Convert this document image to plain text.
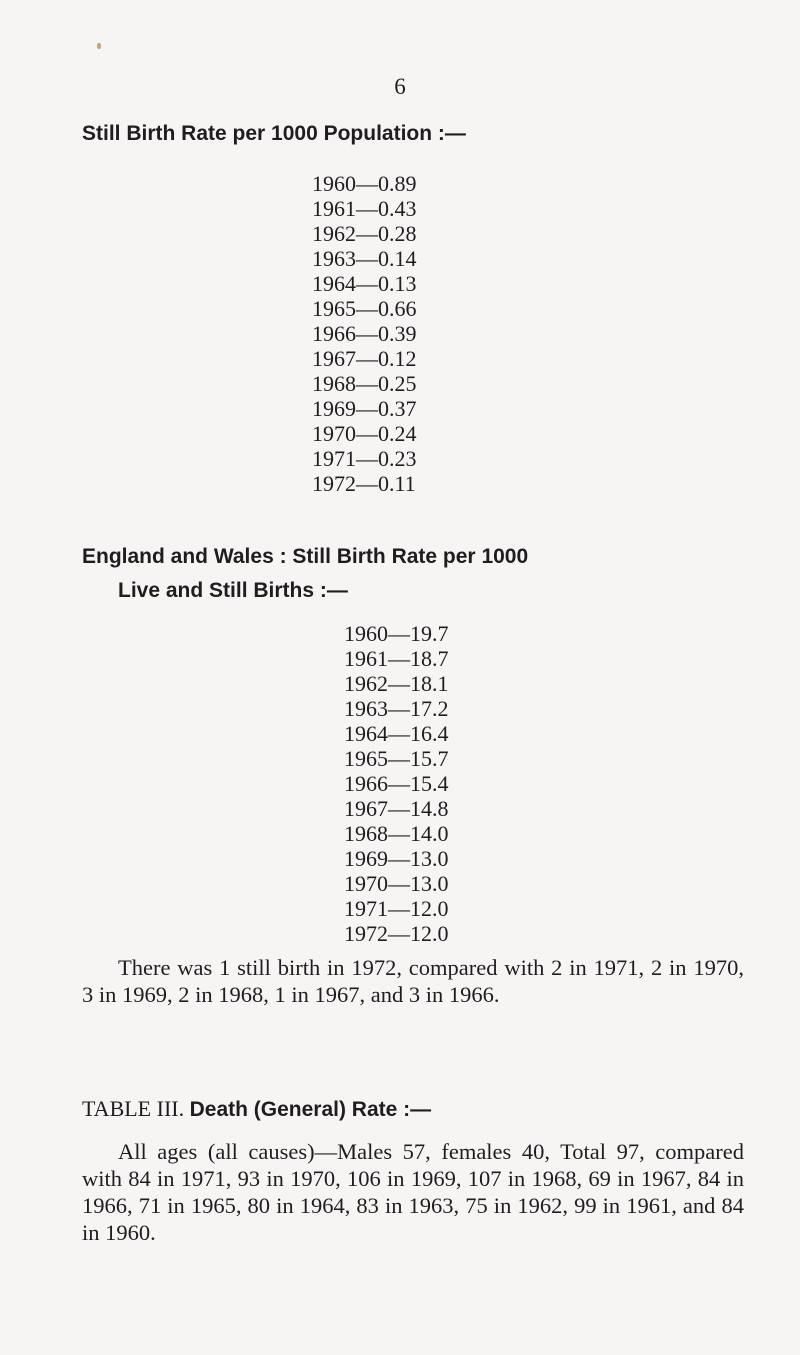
6
Still Birth Rate per 1000 Population :—
1960—0.89
1961—0.43
1962—0.28
1963—0.14
1964—0.13
1965—0.66
1966—0.39
1967—0.12
1968—0.25
1969—0.37
1970—0.24
1971—0.23
1972—0.11
England and Wales : Still Birth Rate per 1000
Live and Still Births :—
1960—19.7
1961—18.7
1962—18.1
1963—17.2
1964—16.4
1965—15.7
1966—15.4
1967—14.8
1968—14.0
1969—13.0
1970—13.0
1971—12.0
1972—12.0

There was 1 still birth in 1972, compared with 2 in 1971, 2 in 1970, 3 in 1969, 2 in 1968, 1 in 1967, and 3 in 1966.

TABLE III. Death (General) Rate :—

All ages (all causes)—Males 57, females 40, Total 97, compared with 84 in 1971, 93 in 1970, 106 in 1969, 107 in 1968, 69 in 1967, 84 in 1966, 71 in 1965, 80 in 1964, 83 in 1963, 75 in 1962, 99 in 1961, and 84 in 1960.
